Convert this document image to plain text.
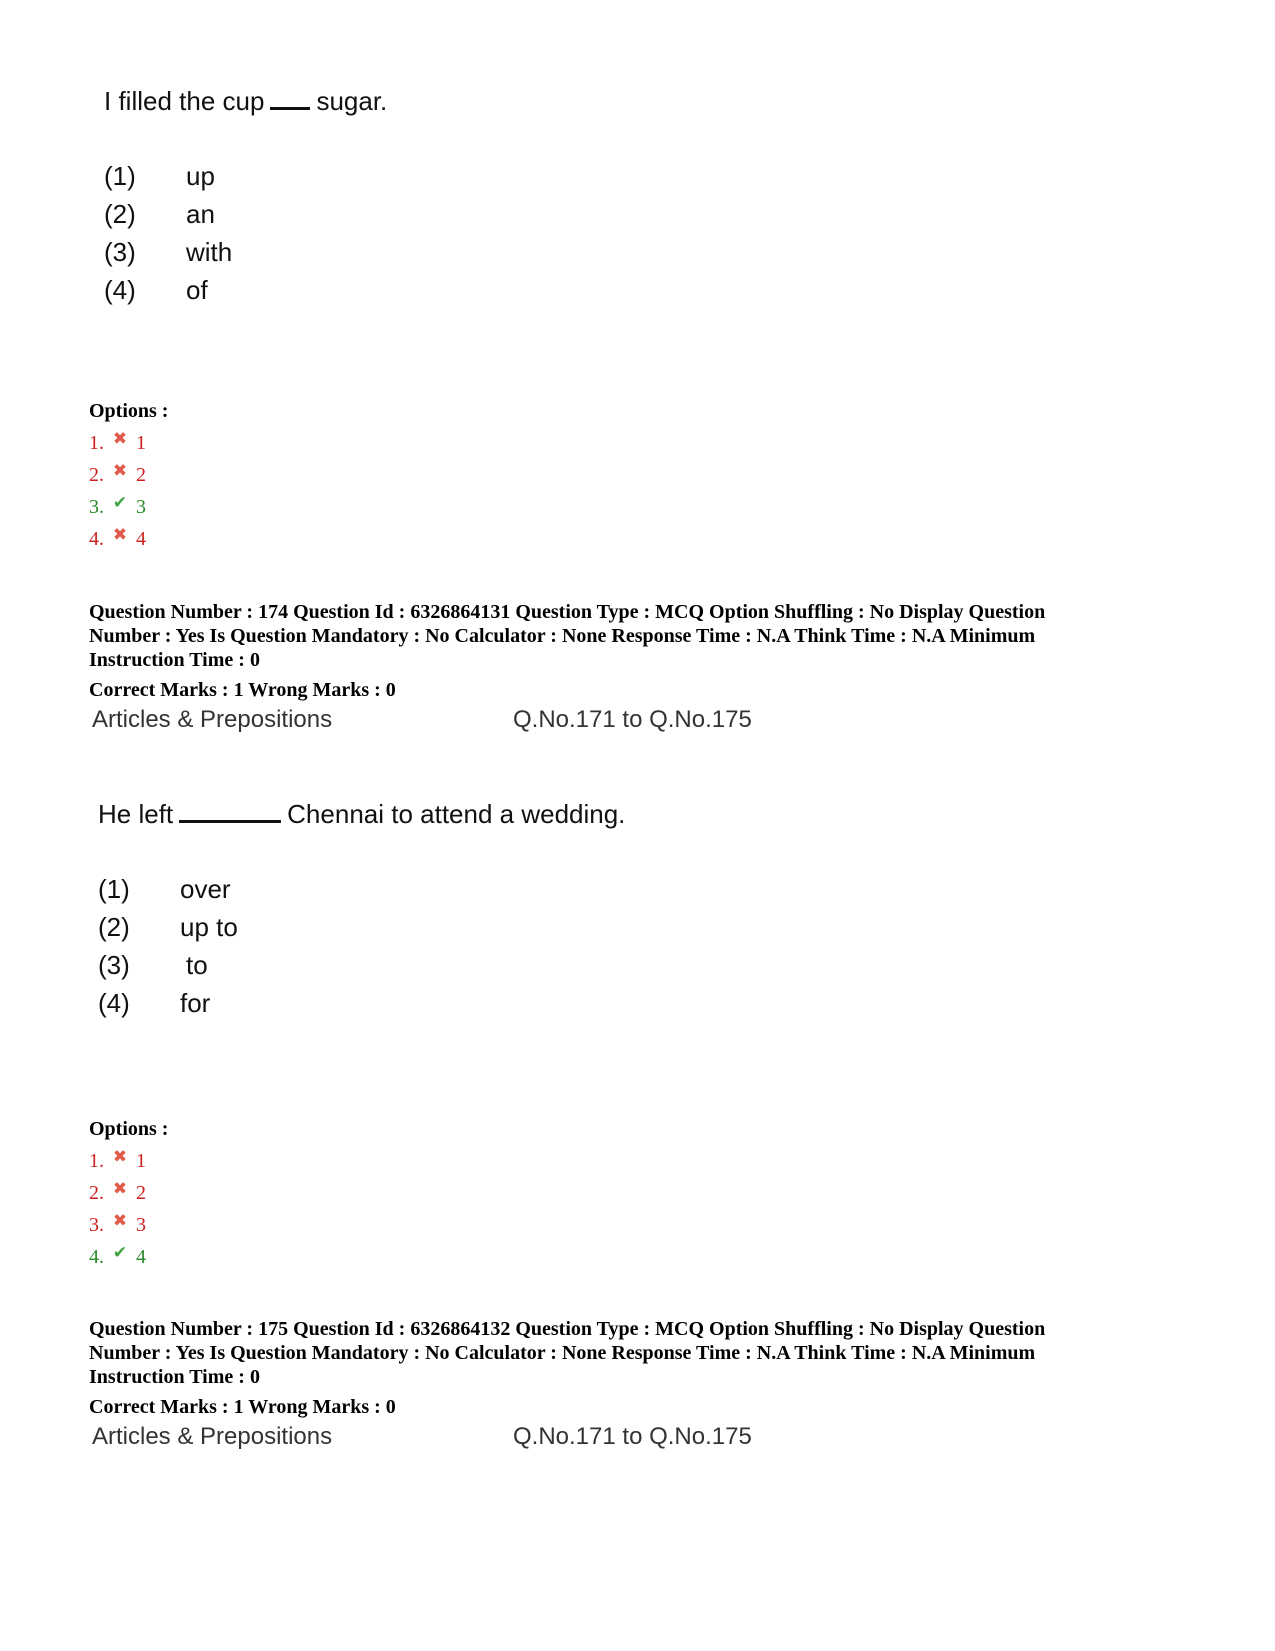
I filled the cup sugar.
(1) up
(2) an
(3) with
(4) of
Options :
1. ✖ 1
2. ✖ 2
3. ✔ 3
4. ✖ 4
Question Number : 174 Question Id : 6326864131 Question Type : MCQ Option Shuffling : No Display Question
Number : Yes Is Question Mandatory : No Calculator : None Response Time : N.A Think Time : N.A Minimum
Instruction Time : 0
Correct Marks : 1 Wrong Marks : 0
Articles & Prepositions	Q.No.171 to Q.No.175
He left	Chennai to attend a wedding.
(1) over
(2) up to
(3) to
(4) for
Options :
1. ✖ 1
2. ✖ 2
3. ✖ 3
4. ✔ 4
Question Number : 175 Question Id : 6326864132 Question Type : MCQ Option Shuffling : No Display Question
Number : Yes Is Question Mandatory : No Calculator : None Response Time : N.A Think Time : N.A Minimum
Instruction Time : 0
Correct Marks : 1 Wrong Marks : 0
Articles & Prepositions	Q.No.171 to Q.No.175
